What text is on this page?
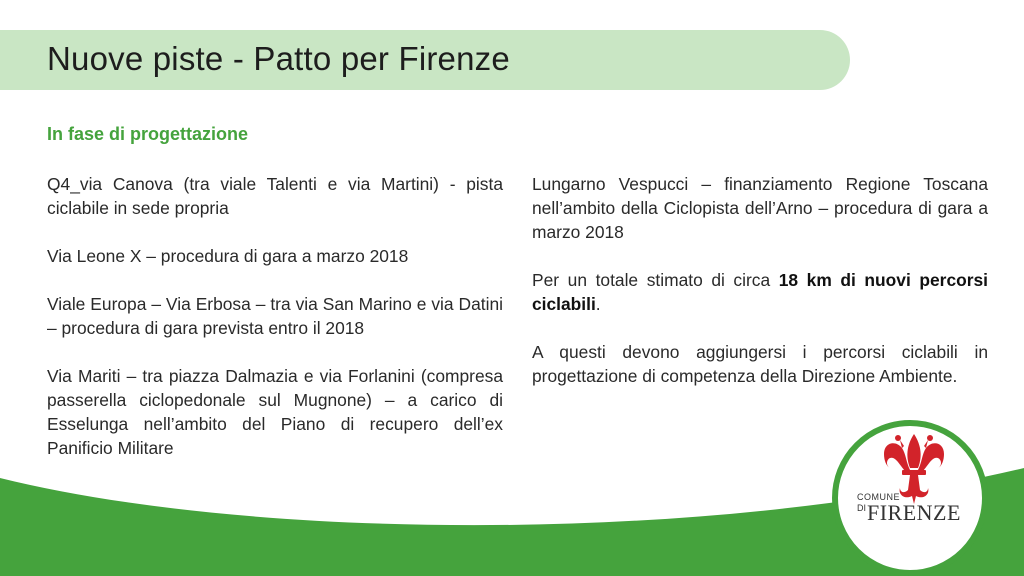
Nuove piste - Patto per Firenze
In fase di progettazione

Q4_via Canova (tra viale Talenti e via Martini) - pista ciclabile in sede propria

Via Leone X – procedura di gara a marzo 2018

Viale Europa – Via Erbosa – tra via San Marino e via Datini – procedura di gara prevista entro il 2018

Via Mariti – tra piazza Dalmazia e via Forlanini (compresa passerella ciclopedonale sul Mugnone) – a carico di Esselunga nell’ambito del Piano di recupero dell’ex Panificio Militare

Lungarno Vespucci – finanziamento Regione Toscana nell’ambito della Ciclopista dell’Arno – procedura di gara a marzo 2018

Per un totale stimato di circa 18 km di nuovi percorsi ciclabili.

A questi devono aggiungersi i percorsi ciclabili in progettazione di competenza della Direzione Ambiente.

COMUNE
DI FIRENZE
